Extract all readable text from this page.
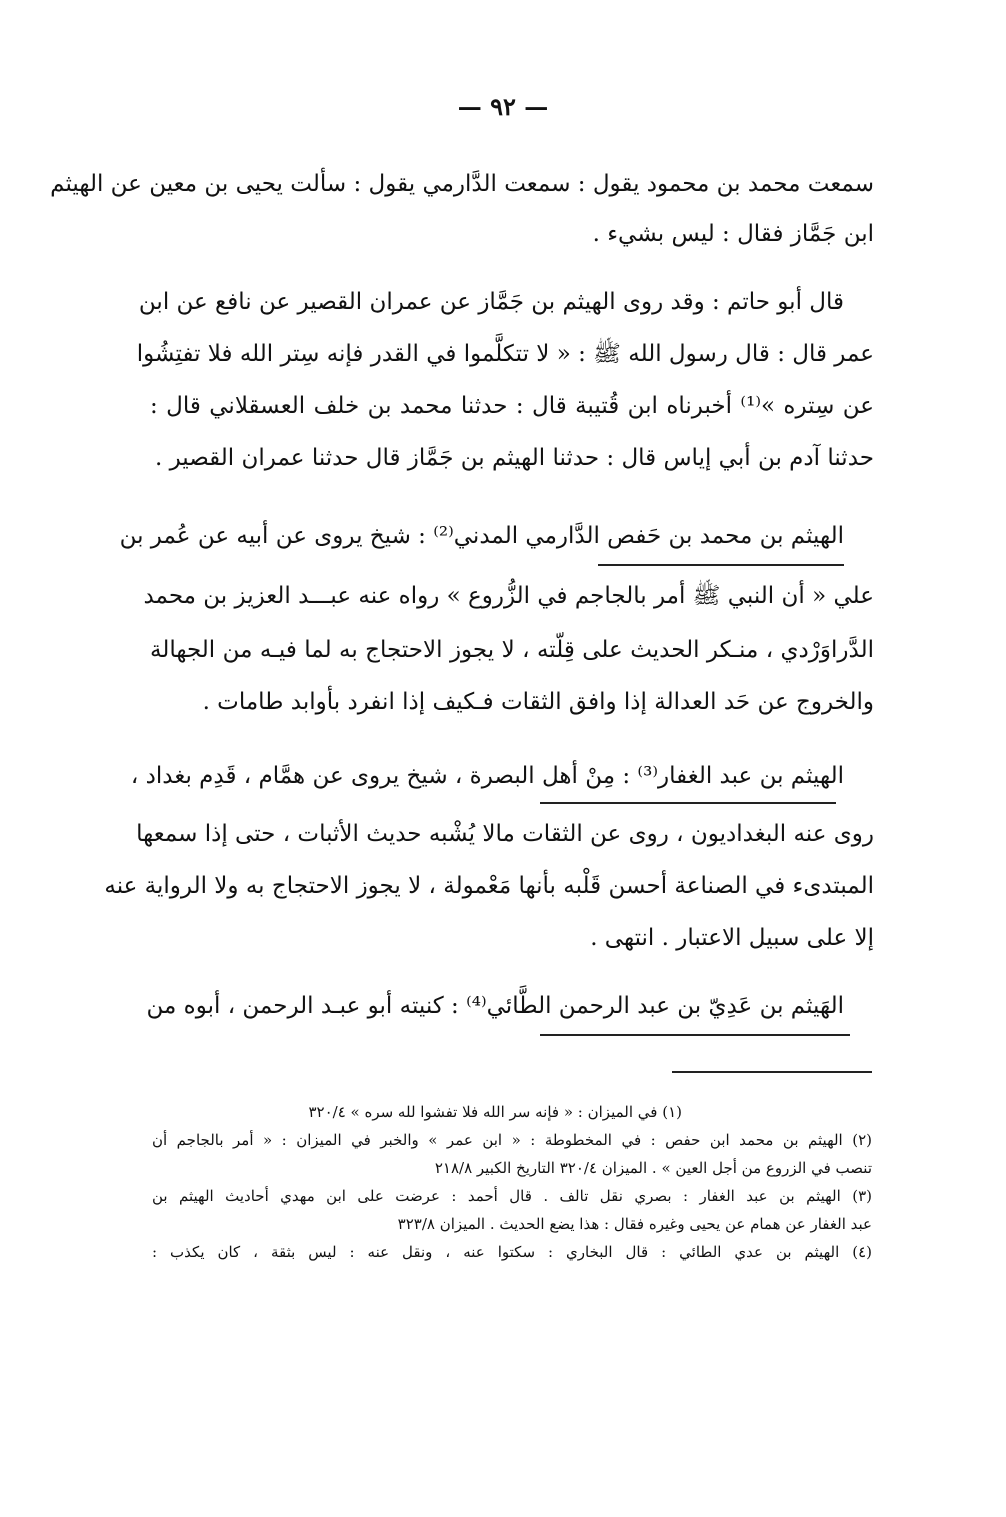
— ٩٢ —
سمعت محمد بن محمود يقول : سمعت الدَّارمي يقول : سألت يحيى بن معين عن الهيثم
ابن جَمَّاز فقال : ليس بشيء .
قال أبو حاتم : وقد روى الهيثم بن جَمَّاز عن عمران القصير عن نافع عن ابن
عمر قال : قال رسول الله ﷺ : « لا تتكلَّموا في القدر فإنه سِتر الله فلا تفتِشُوا
عن سِتره »⁽¹⁾ أخبرناه ابن قُتيبة قال : حدثنا محمد بن خلف العسقلاني قال :
حدثنا آدم بن أبي إياس قال : حدثنا الهيثم بن جَمَّاز قال حدثنا عمران القصير .
الهيثم بن محمد بن حَفص الدَّارمي المدني⁽²⁾ : شيخ يروى عن أبيه عن عُمر بن
علي « أن النبي ﷺ أمر بالجاجم في الزُّروع » رواه عنه عبـــد العزيز بن محمد
الدَّراوَرْدي ، منـكر الحديث على قِلّته ، لا يجوز الاحتجاج به لما فيـه من الجهالة
والخروج عن حَد العدالة إذا وافق الثقات فـكيف إذا انفرد بأوابد طامات .
الهيثم بن عبد الغفار⁽³⁾ : مِنْ أهل البصرة ، شيخ يروى عن همَّام ، قَدِم بغداد ،
روى عنه البغداديون ، روى عن الثقات مالا يُشْبه حديث الأثبات ، حتى إذا سمعها
المبتدىء في الصناعة أحسن قَلْبه بأنها مَعْمولة ، لا يجوز الاحتجاج به ولا الرواية عنه
إلا على سبيل الاعتبار . انتهى .
الهَيثم بن عَدِيّ بن عبد الرحمن الطَّائي⁽⁴⁾ : كنيته أبو عبـد الرحمن ، أبوه من
(١) في الميزان : « فإنه سر الله فلا تفشوا لله سره » ٣٢٠/٤
(٢) الهيثم بن محمد ابن حفص : في المخطوطة : « ابن عمر » والخبر في الميزان : « أمر بالجاجم أن
تنصب في الزروع من أجل العين » . الميزان ٣٢٠/٤ التاريخ الكبير ٢١٨/٨
(٣) الهيثم بن عبد الغفار : بصري نقل تالف . قال أحمد : عرضت على ابن مهدي أحاديث الهيثم بن
عبد الغفار عن همام عن يحيى وغيره فقال : هذا يضع الحديث . الميزان ٣٢٣/٨
(٤) الهيثم بن عدي الطائي : قال البخاري : سكتوا عنه ، ونقل عنه : ليس بثقة ، كان يكذب :
